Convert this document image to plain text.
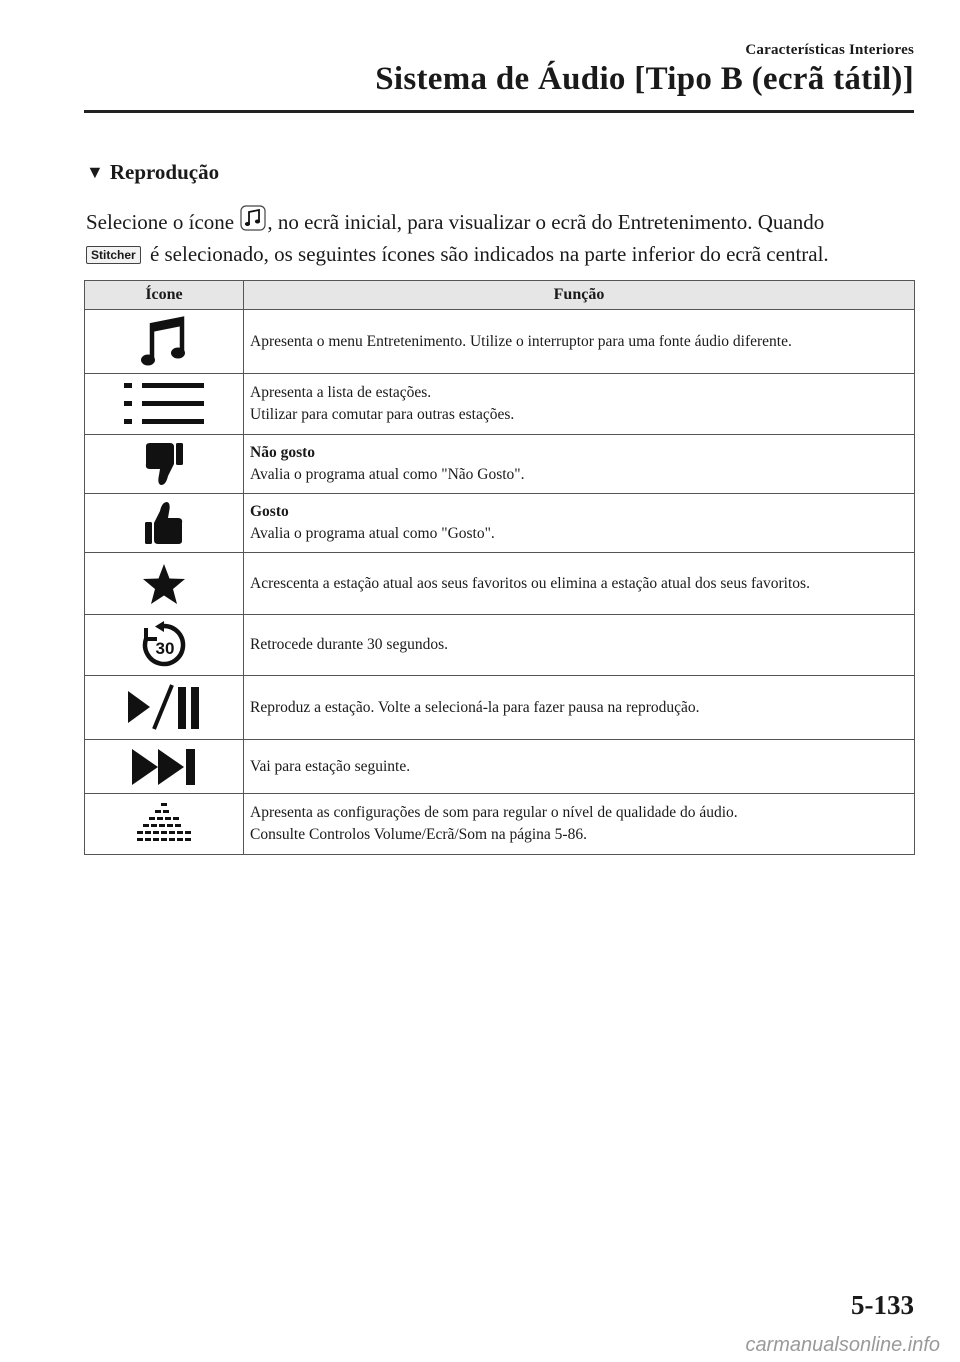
Características Interiores
Sistema de Áudio [Tipo B (ecrã tátil)]
▼ Reprodução
Selecione o ícone , no ecrã inicial, para visualizar o ecrã do Entretenimento. Quando
Stitcher é selecionado, os seguintes ícones são indicados na parte inferior do ecrã central.
Ícone	Função

Apresenta o menu Entretenimento. Utilize o interruptor para uma fonte áudio diferente.

Apresenta a lista de estações.
Utilizar para comutar para outras estações.

Não gosto
Avalia o programa atual como "Não Gosto".

Gosto
Avalia o programa atual como "Gosto".

Acrescenta a estação atual aos seus favoritos ou elimina a estação atual dos seus favoritos.

30	Retrocede durante 30 segundos.

Reproduz a estação. Volte a selecioná-la para fazer pausa na reprodução.

Vai para estação seguinte.

Apresenta as configurações de som para regular o nível de qualidade do áudio.
Consulte Controlos Volume/Ecrã/Som na página 5-86.
5-133
carmanualsonline.info
